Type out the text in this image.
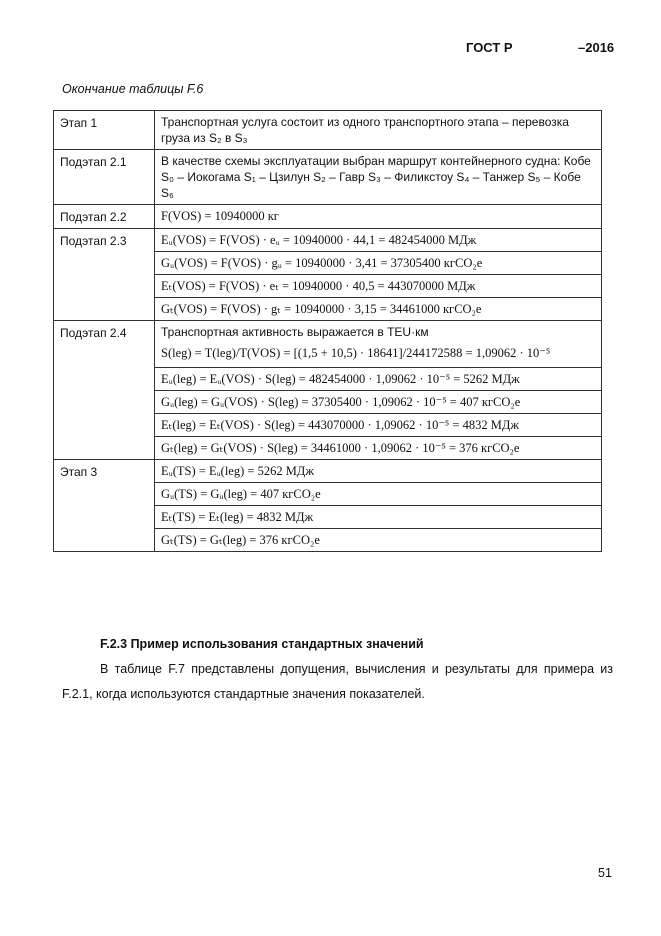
ГОСТ Р	–2016
Окончание таблицы F.6
Этап 1	Транспортная услуга состоит из одного транспортного этапа – перевозка груза из S₂ в S₃
Подэтап 2.1	В качестве схемы эксплуатации выбран маршрут контейнерного судна: Кобе S₀ – Иокогама S₁ – Цзилун S₂ – Гавр S₃ – Филикстоу S₄ – Танжер S₅ – Кобе S₆
Подэтап 2.2	F(VOS) = 10940000 кг
Подэтап 2.3	Eᵤ(VOS) = F(VOS) · eᵤ = 10940000 · 44,1 = 482454000 МДж
	Gᵤ(VOS) = F(VOS) · gᵤ = 10940000 · 3,41 = 37305400 кгCO₂e
	Eₜ(VOS) = F(VOS) · eₜ = 10940000 · 40,5 = 443070000 МДж
	Gₜ(VOS) = F(VOS) · gₜ = 10940000 · 3,15 = 34461000 кгCO₂e
Подэтап 2.4	Транспортная активность выражается в TEU·км
S(leg) = T(leg)/T(VOS) = [(1,5 + 10,5) · 18641]/244172588 = 1,09062 · 10⁻⁵

	Eᵤ(leg) = Eᵤ(VOS) · S(leg) = 482454000 · 1,09062 · 10⁻⁵ = 5262 МДж
	Gᵤ(leg) = Gᵤ(VOS) · S(leg) = 37305400 · 1,09062 · 10⁻⁵ = 407 кгCO₂e
	Eₜ(leg) = Eₜ(VOS) · S(leg) = 443070000 · 1,09062 · 10⁻⁵ = 4832 МДж
	Gₜ(leg) = Gₜ(VOS) · S(leg) = 34461000 · 1,09062 · 10⁻⁵ = 376 кгCO₂e
Этап 3	Eᵤ(TS) = Eᵤ(leg) = 5262 МДж
	Gᵤ(TS) = Gᵤ(leg) = 407 кгCO₂e
	Eₜ(TS) = Eₜ(leg) = 4832 МДж
	Gₜ(TS) = Gₜ(leg) = 376 кгCO₂e
F.2.3 Пример использования стандартных значений
В таблице F.7 представлены допущения, вычисления и результаты для примера из F.2.1, когда используются стандартные значения показателей.
51
